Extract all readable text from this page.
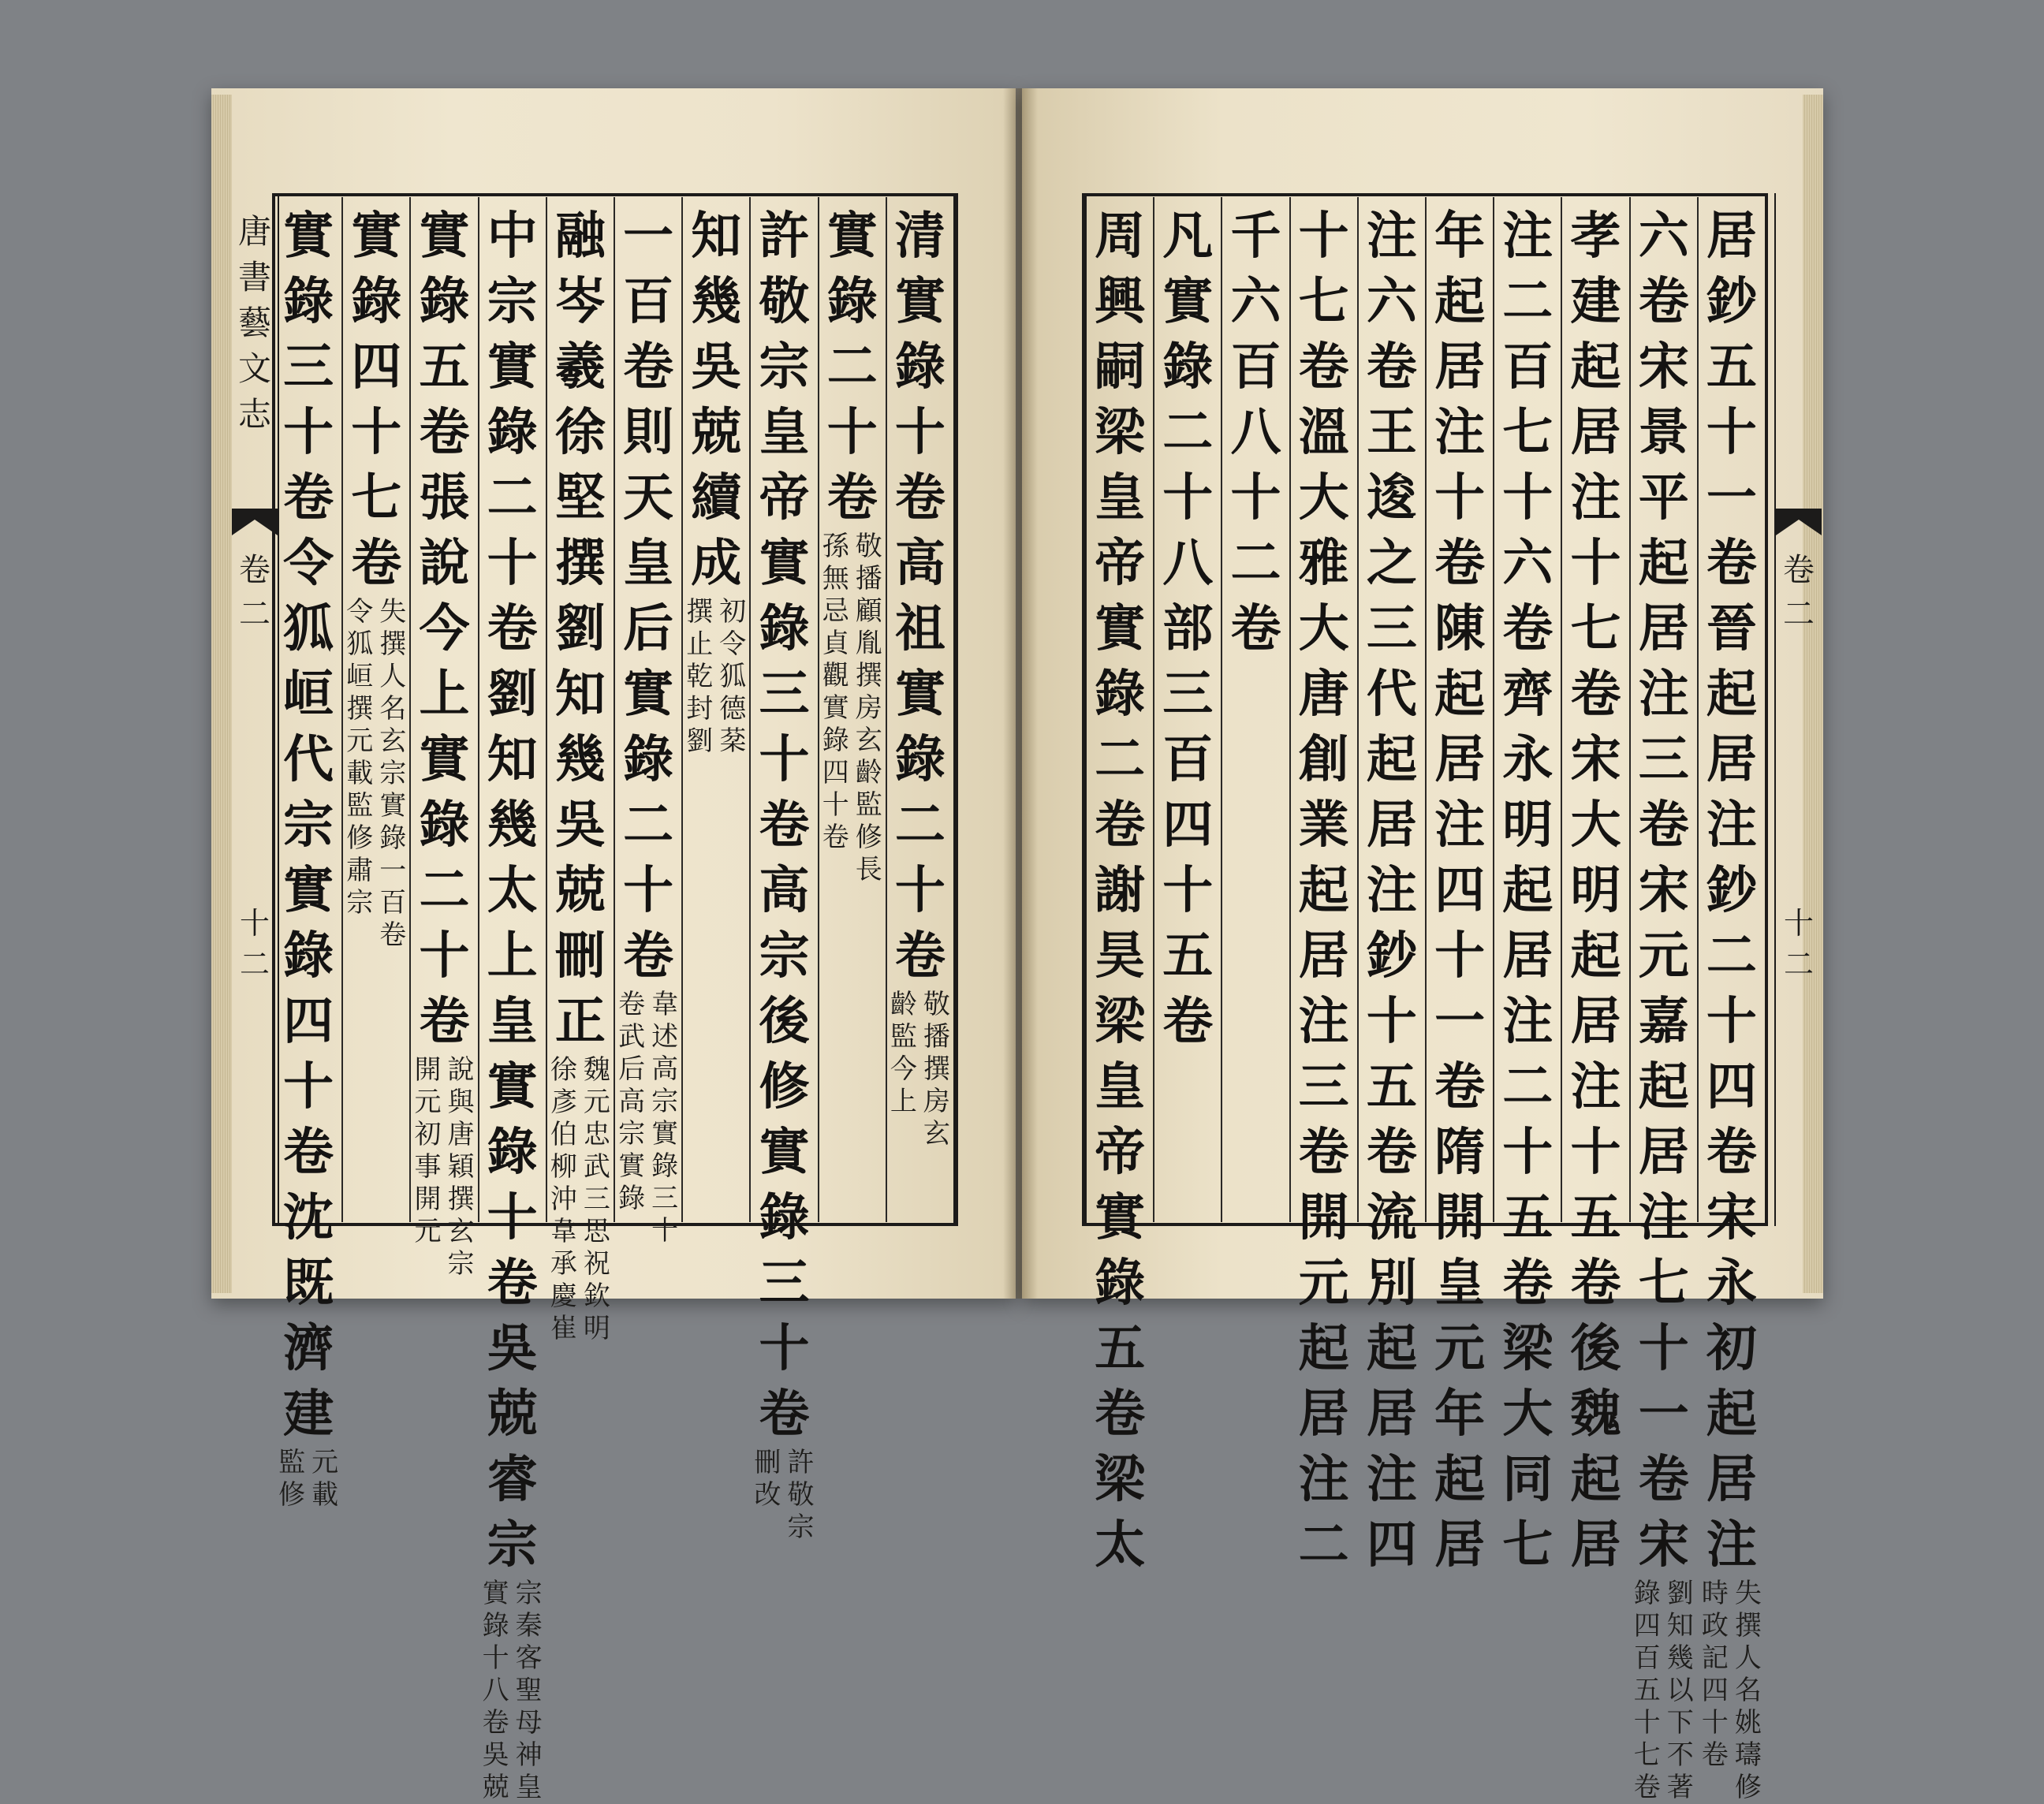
唐
書
藝
文
志
卷
二
十
二
卷
二
十
二
清
實
錄
十
卷
高
祖
實
錄
二
十
卷
敬
播
撰
房
玄
齡
監
今
上
實
錄
二
十
卷
敬
播
顧
胤
撰
房
玄
齡
監
修
長
孫
無
忌
貞
觀
實
錄
四
十
卷
許
敬
宗
皇
帝
實
錄
三
十
卷
高
宗
後
修
實
錄
三
十
卷
許
敬
宗
刪
改
知
幾
吳
兢
續
成
初
令
狐
德
棻
撰
止
乾
封
劉
一
百
卷
則
天
皇
后
實
錄
二
十
卷
韋
述
高
宗
實
錄
三
十
卷
武
后
高
宗
實
錄
融
岑
羲
徐
堅
撰
劉
知
幾
吳
兢
刪
正
魏
元
忠
武
三
思
祝
欽
明
徐
彥
伯
柳
沖
韋
承
慶
崔
中
宗
實
錄
二
十
卷
劉
知
幾
太
上
皇
實
錄
十
卷
吳
兢
睿
宗
宗
秦
客
聖
母
神
皇
實
錄
十
八
卷
吳
兢
實
錄
五
卷
張
說
今
上
實
錄
二
十
卷
說
與
唐
穎
撰
玄
宗
開
元
初
事
開
元
實
錄
四
十
七
卷
失
撰
人
名
玄
宗
實
錄
一
百
卷
令
狐
峘
撰
元
載
監
修
肅
宗
實
錄
三
十
卷
令
狐
峘
代
宗
實
錄
四
十
卷
沈
既
濟
建
元
載
監
修
居
鈔
五
十
一
卷
晉
起
居
注
鈔
二
十
四
卷
宋
永
初
起
居
注
失
撰
人
名
姚
璹
修
時
政
記
四
十
卷
六
卷
宋
景
平
起
居
注
三
卷
宋
元
嘉
起
居
注
七
十
一
卷
宋
劉
知
幾
以
下
不
著
錄
四
百
五
十
七
卷
孝
建
起
居
注
十
七
卷
宋
大
明
起
居
注
十
五
卷
後
魏
起
居
注
二
百
七
十
六
卷
齊
永
明
起
居
注
二
十
五
卷
梁
大
同
七
年
起
居
注
十
卷
陳
起
居
注
四
十
一
卷
隋
開
皇
元
年
起
居
注
六
卷
王
逡
之
三
代
起
居
注
鈔
十
五
卷
流
別
起
居
注
四
十
七
卷
溫
大
雅
大
唐
創
業
起
居
注
三
卷
開
元
起
居
注
二
千
六
百
八
十
二
卷
凡
實
錄
二
十
八
部
三
百
四
十
五
卷
周
興
嗣
梁
皇
帝
實
錄
二
卷
謝
昊
梁
皇
帝
實
錄
五
卷
梁
太
